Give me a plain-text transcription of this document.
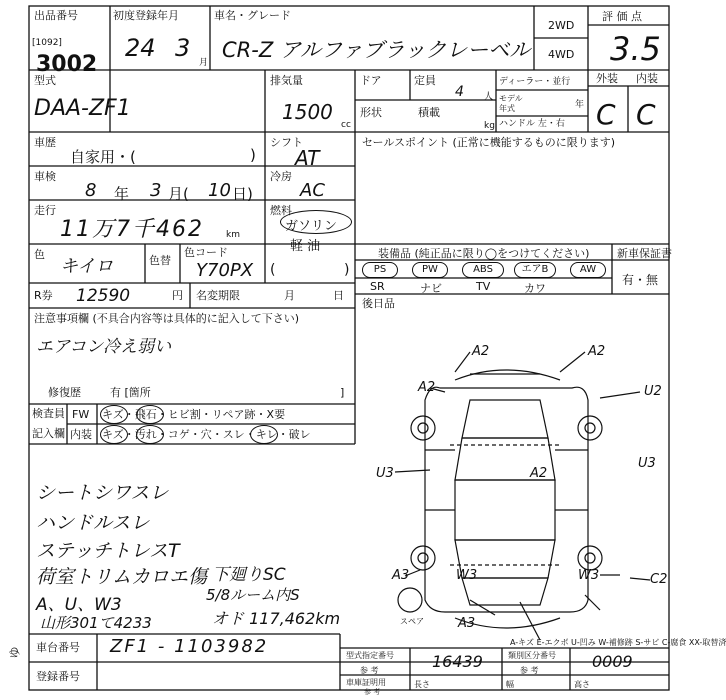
出品番号
[1092]
3002
初度登録年月
24 3
月
車名・グレード
CR-Z アルファブラックレーベル
2WD
4WD
評 価 点
3.5
型式
DAA-ZF1
排気量
1500
cc
ドア	定員
4 人
形状	積載
kg
ディーラー・並行
モデル
年式	年
ハンドル 左・右
外装 内装
C C
車歴
自家用・(	)
シフト
AT
車検
8 年 3 月( 10 日)
冷房
AC
走行
11万7千462 km
燃料
ガソリン
軽 油
色
キイロ	色替
色コード
Y70PX (	)
R券 12590	円 名変期限	月	日
注意事項欄 (不具合内容等は具体的に記入して下さい)
エアコン冷え弱い
修復歴	有 [箇所	]
検査員
記入欄
FW キズ・飛石・ヒビ割・リペア跡・X要
内装 キズ・汚れ・コゲ・穴・スレ・キレ・破レ
セールスポイント (正常に機能するものに限ります)
装備品 (純正品に限り◯をつけてください)	新車保証書
有・無
PS	PW	ABS	エアB	AW
SR	ナビ	TV	カワ
後日品
シートシワスレ
ハンドルスレ
ステッチトレスT
荷室トリムカロエ傷
A、U、W3
下廻りSC
5/8ルーム内S
山形301て4233	オド 117,462km
ゆ
A2	A2
A2	U2
A2
U3
U3
A3	W3	W3	C2
A3
スペア
A-キズ E-エクボ U-凹み W-補修跡 S-サビ C-腐食 XX-取替済
車台番号 ZF1 - 1103982
登録番号
型式指定番号
参 考	16439	類別区分番号
参 考	0009
車庫証明用
参 考
長さ	幅	高さ
